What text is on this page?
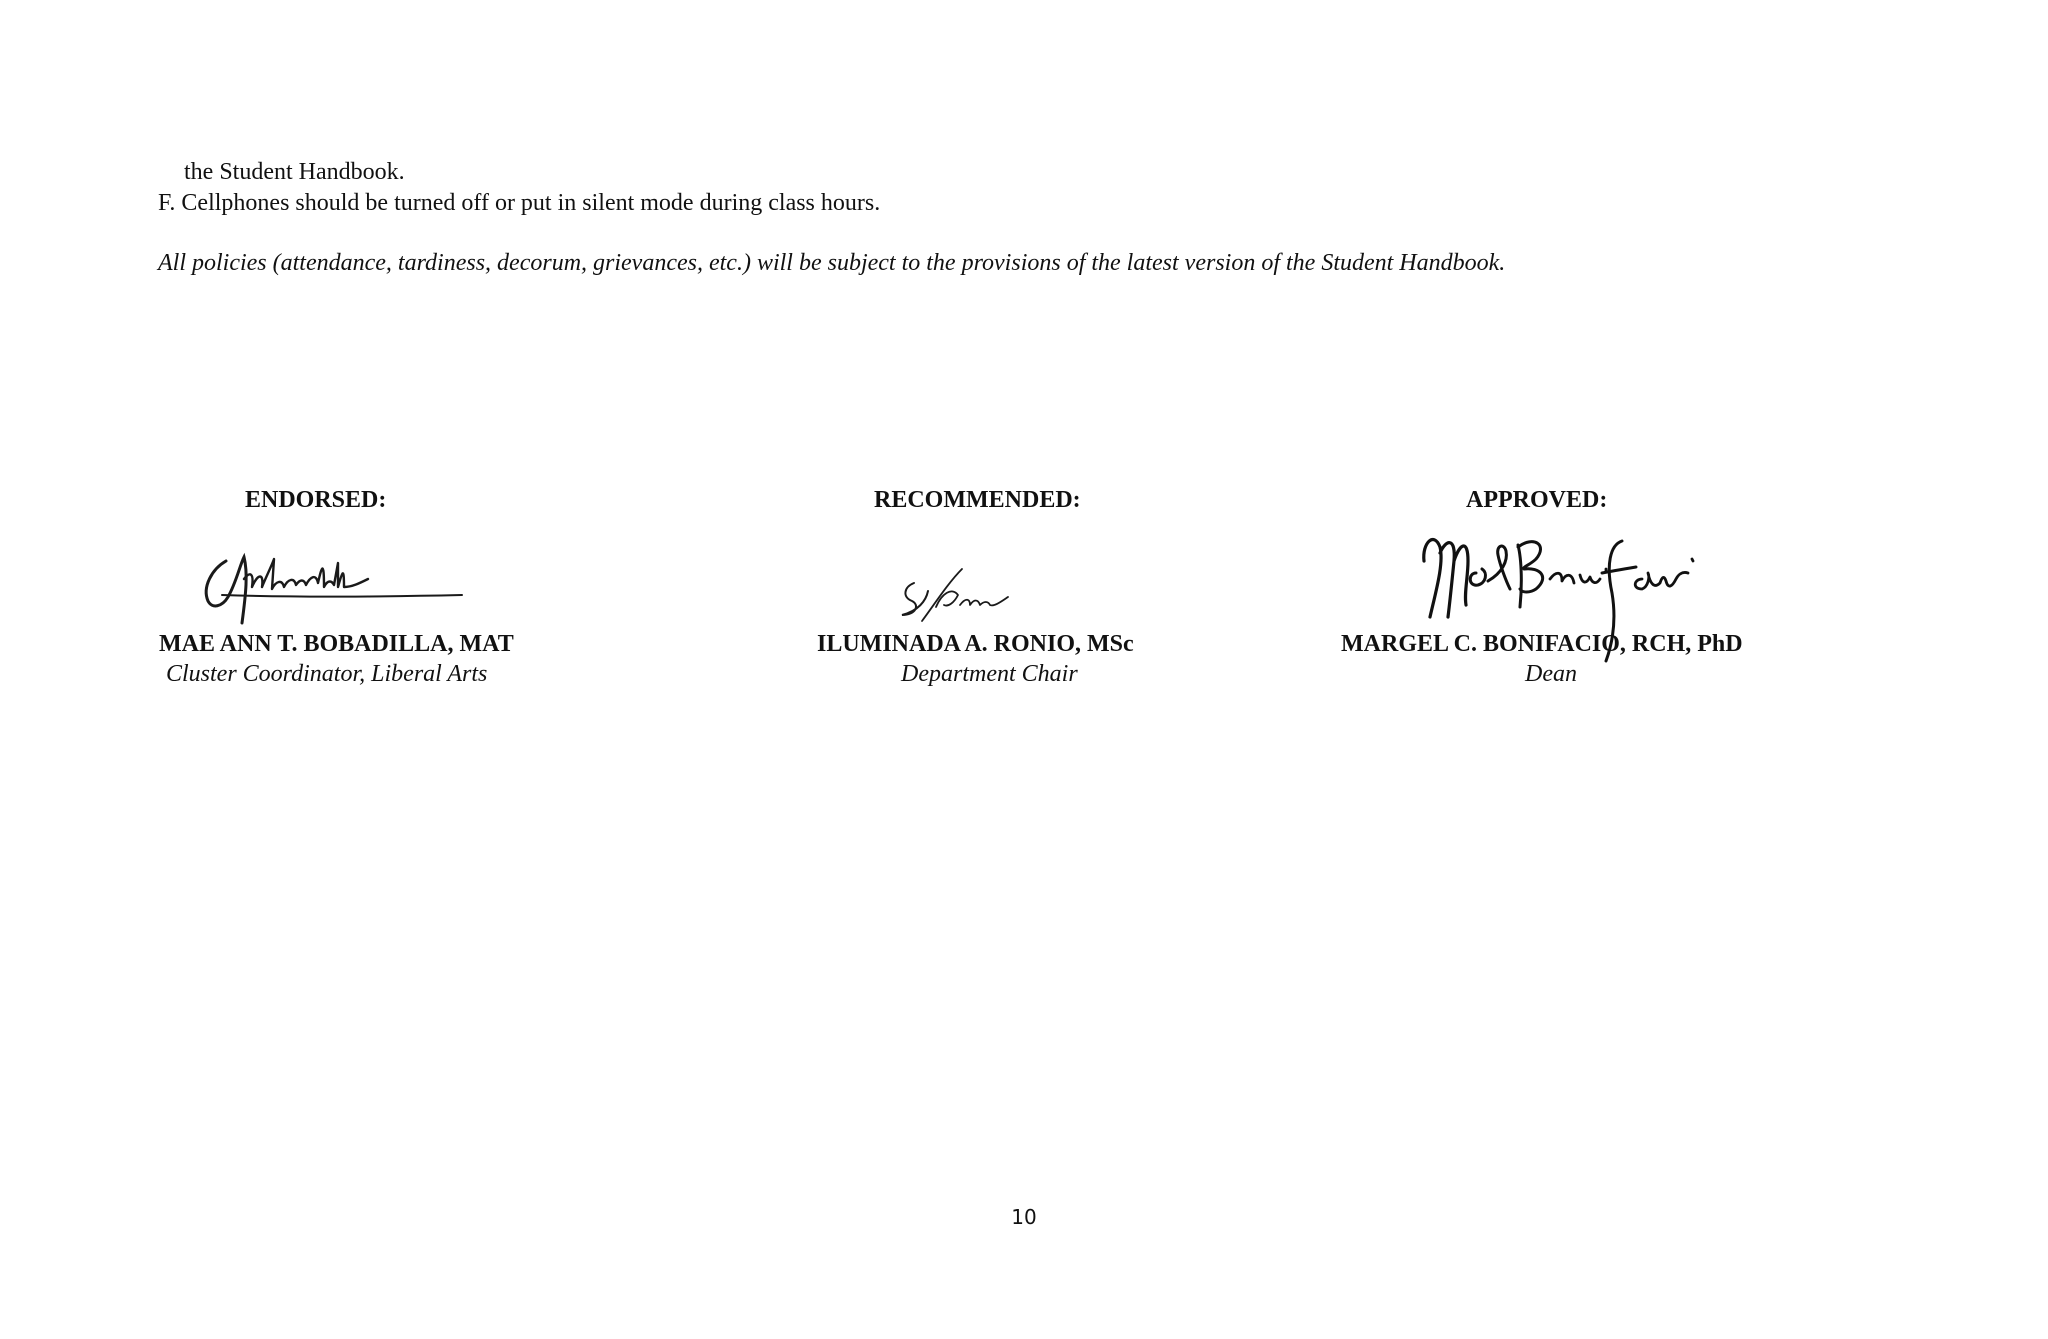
the Student Handbook.
F. Cellphones should be turned off or put in silent mode during class hours.
All policies (attendance, tardiness, decorum, grievances, etc.) will be subject to the provisions of the latest version of the Student Handbook.
ENDORSED:
MAE ANN T. BOBADILLA, MAT
Cluster Coordinator, Liberal Arts
RECOMMENDED:
ILUMINADA A. RONIO, MSc
Department Chair
APPROVED:
MARGEL C. BONIFACIO, RCH, PhD
Dean
10
